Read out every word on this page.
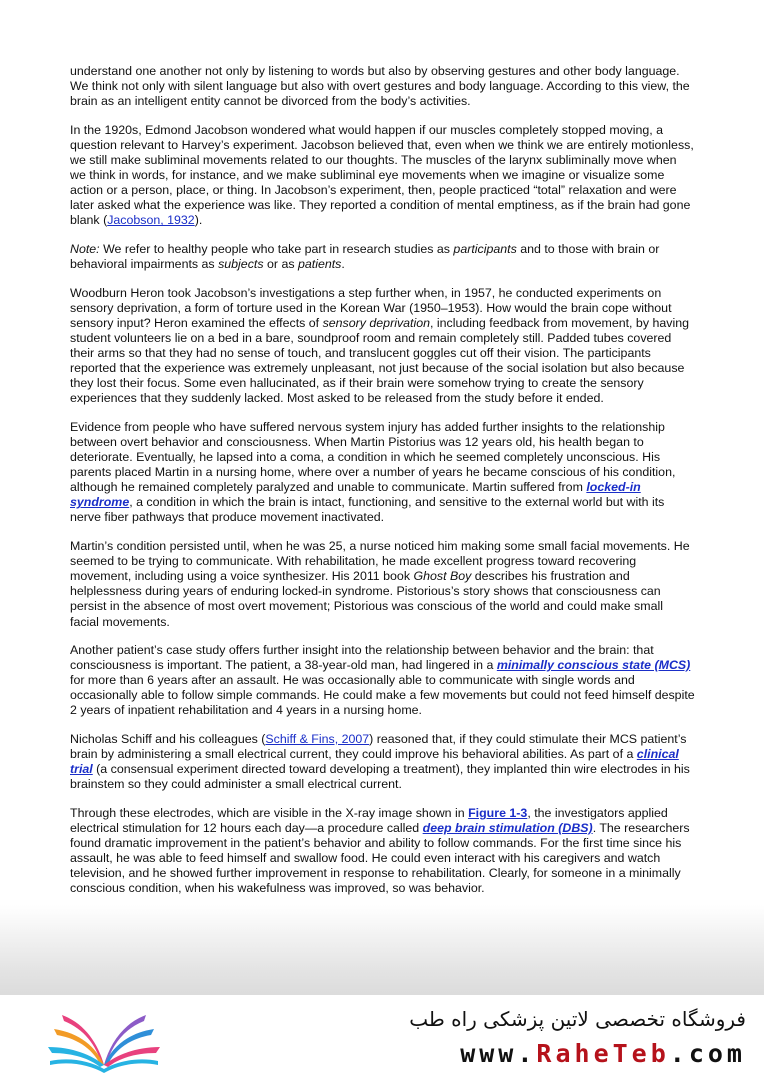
understand one another not only by listening to words but also by observing gestures and other body language. We think not only with silent language but also with overt gestures and body language. According to this view, the brain as an intelligent entity cannot be divorced from the body’s activities.

In the 1920s, Edmond Jacobson wondered what would happen if our muscles completely stopped moving, a question relevant to Harvey’s experiment. Jacobson believed that, even when we think we are entirely motionless, we still make subliminal movements related to our thoughts. The muscles of the larynx subliminally move when we think in words, for instance, and we make subliminal eye movements when we imagine or visualize some action or a person, place, or thing. In Jacobson’s experiment, then, people practiced “total” relaxation and were later asked what the experience was like. They reported a condition of mental emptiness, as if the brain had gone blank (Jacobson, 1932).

Note: We refer to healthy people who take part in research studies as participants and to those with brain or behavioral impairments as subjects or as patients.

Woodburn Heron took Jacobson’s investigations a step further when, in 1957, he conducted experiments on sensory deprivation, a form of torture used in the Korean War (1950–1953). How would the brain cope without sensory input? Heron examined the effects of sensory deprivation, including feedback from movement, by having student volunteers lie on a bed in a bare, soundproof room and remain completely still. Padded tubes covered their arms so that they had no sense of touch, and translucent goggles cut off their vision. The participants reported that the experience was extremely unpleasant, not just because of the social isolation but also because they lost their focus. Some even hallucinated, as if their brain were somehow trying to create the sensory experiences that they suddenly lacked. Most asked to be released from the study before it ended.

Evidence from people who have suffered nervous system injury has added further insights to the relationship between overt behavior and consciousness. When Martin Pistorius was 12 years old, his health began to deteriorate. Eventually, he lapsed into a coma, a condition in which he seemed completely unconscious. His parents placed Martin in a nursing home, where over a number of years he became conscious of his condition, although he remained completely paralyzed and unable to communicate. Martin suffered from locked-in syndrome, a condition in which the brain is intact, functioning, and sensitive to the external world but with its nerve fiber pathways that produce movement inactivated.

Martin’s condition persisted until, when he was 25, a nurse noticed him making some small facial movements. He seemed to be trying to communicate. With rehabilitation, he made excellent progress toward recovering movement, including using a voice synthesizer. His 2011 book Ghost Boy describes his frustration and helplessness during years of enduring locked-in syndrome. Pistorious’s story shows that consciousness can persist in the absence of most overt movement; Pistorious was conscious of the world and could make small facial movements.

Another patient’s case study offers further insight into the relationship between behavior and the brain: that consciousness is important. The patient, a 38-year-old man, had lingered in a minimally conscious state (MCS) for more than 6 years after an assault. He was occasionally able to communicate with single words and occasionally able to follow simple commands. He could make a few movements but could not feed himself despite 2 years of inpatient rehabilitation and 4 years in a nursing home.

Nicholas Schiff and his colleagues (Schiff & Fins, 2007) reasoned that, if they could stimulate their MCS patient’s brain by administering a small electrical current, they could improve his behavioral abilities. As part of a clinical trial (a consensual experiment directed toward developing a treatment), they implanted thin wire electrodes in his brainstem so they could administer a small electrical current.

Through these electrodes, which are visible in the X-ray image shown in Figure 1-3, the investigators applied electrical stimulation for 12 hours each day—a procedure called deep brain stimulation (DBS). The researchers found dramatic improvement in the patient’s behavior and ability to follow commands. For the first time since his assault, he was able to feed himself and swallow food. He could even interact with his caregivers and watch television, and he showed further improvement in response to rehabilitation. Clearly, for someone in a minimally conscious condition, when his wakefulness was improved, so was behavior.

فروشگاه تخصصی لاتین پزشکی راه طب
www.RaheTeb.com
